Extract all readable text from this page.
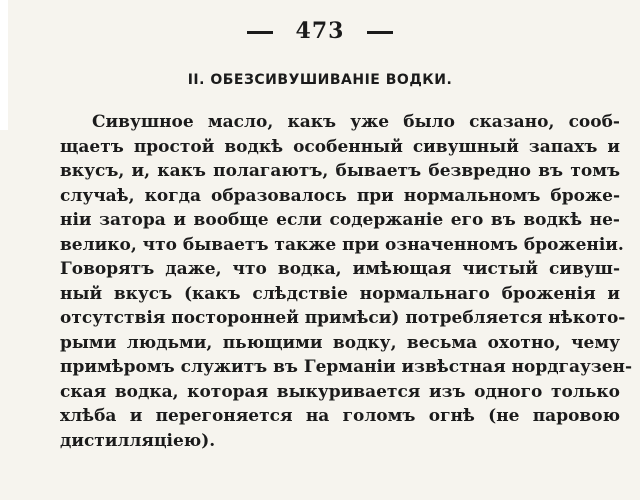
473
II. ОБЕЗСИВУШИВАНІЕ ВОДКИ.
Сивушное масло, какъ уже было сказано, сооб-
щаетъ простой водкѣ особенный сивушный запахъ и
вкусъ, и, какъ полагаютъ, бываетъ безвредно въ томъ
случаѣ, когда образовалось при нормальномъ броже-
ніи затора и вообще если содержаніе его въ водкѣ не-
велико, что бываетъ также при означенномъ броженіи.
Говорятъ даже, что водка, имѣющая чистый сивуш-
ный вкусъ (какъ слѣдствіе нормальнаго броженія и
отсутствія посторонней примѣси) потребляется нѣкото-
рыми людьми, пьющими водку, весьма охотно, чему
примѣромъ служитъ въ Германіи извѣстная нордгаузен-
ская водка, которая выкуривается изъ одного только
хлѣба и перегоняется на голомъ огнѣ (не паровою
дистилляціею).
